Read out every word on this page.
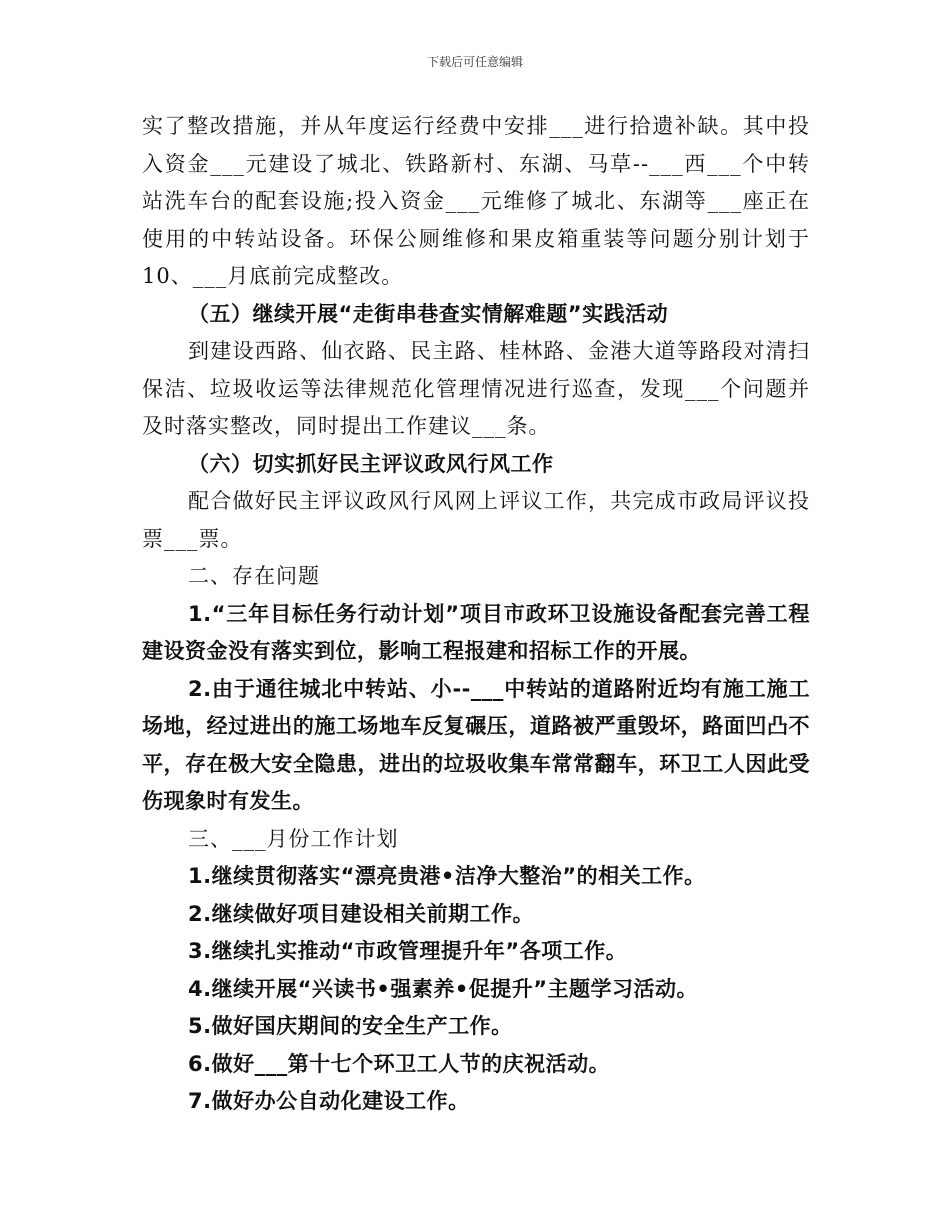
下载后可任意编辑

实了整改措施，并从年度运行经费中安排___进行拾遗补缺。其中投入资金___元建设了城北、铁路新村、东湖、马草--___西___个中转站洗车台的配套设施;投入资金___元维修了城北、东湖等___座正在使用的中转站设备。环保公厕维修和果皮箱重装等问题分别计划于10、___月底前完成整改。

（五）继续开展“走街串巷查实情解难题”实践活动

到建设西路、仙衣路、民主路、桂林路、金港大道等路段对清扫保洁、垃圾收运等法律规范化管理情况进行巡查，发现___个问题并及时落实整改，同时提出工作建议___条。

（六）切实抓好民主评议政风行风工作

配合做好民主评议政风行风网上评议工作，共完成市政局评议投票___票。

二、存在问题

1.“三年目标任务行动计划”项目市政环卫设施设备配套完善工程建设资金没有落实到位，影响工程报建和招标工作的开展。

2.由于通往城北中转站、小--___中转站的道路附近均有施工施工场地，经过进出的施工场地车反复碾压，道路被严重毁坏，路面凹凸不平，存在极大安全隐患，进出的垃圾收集车常常翻车，环卫工人因此受伤现象时有发生。

三、___月份工作计划

1.继续贯彻落实“漂亮贵港•洁净大整治”的相关工作。

2.继续做好项目建设相关前期工作。

3.继续扎实推动“市政管理提升年”各项工作。

4.继续开展“兴读书•强素养•促提升”主题学习活动。

5.做好国庆期间的安全生产工作。

6.做好___第十七个环卫工人节的庆祝活动。

7.做好办公自动化建设工作。
